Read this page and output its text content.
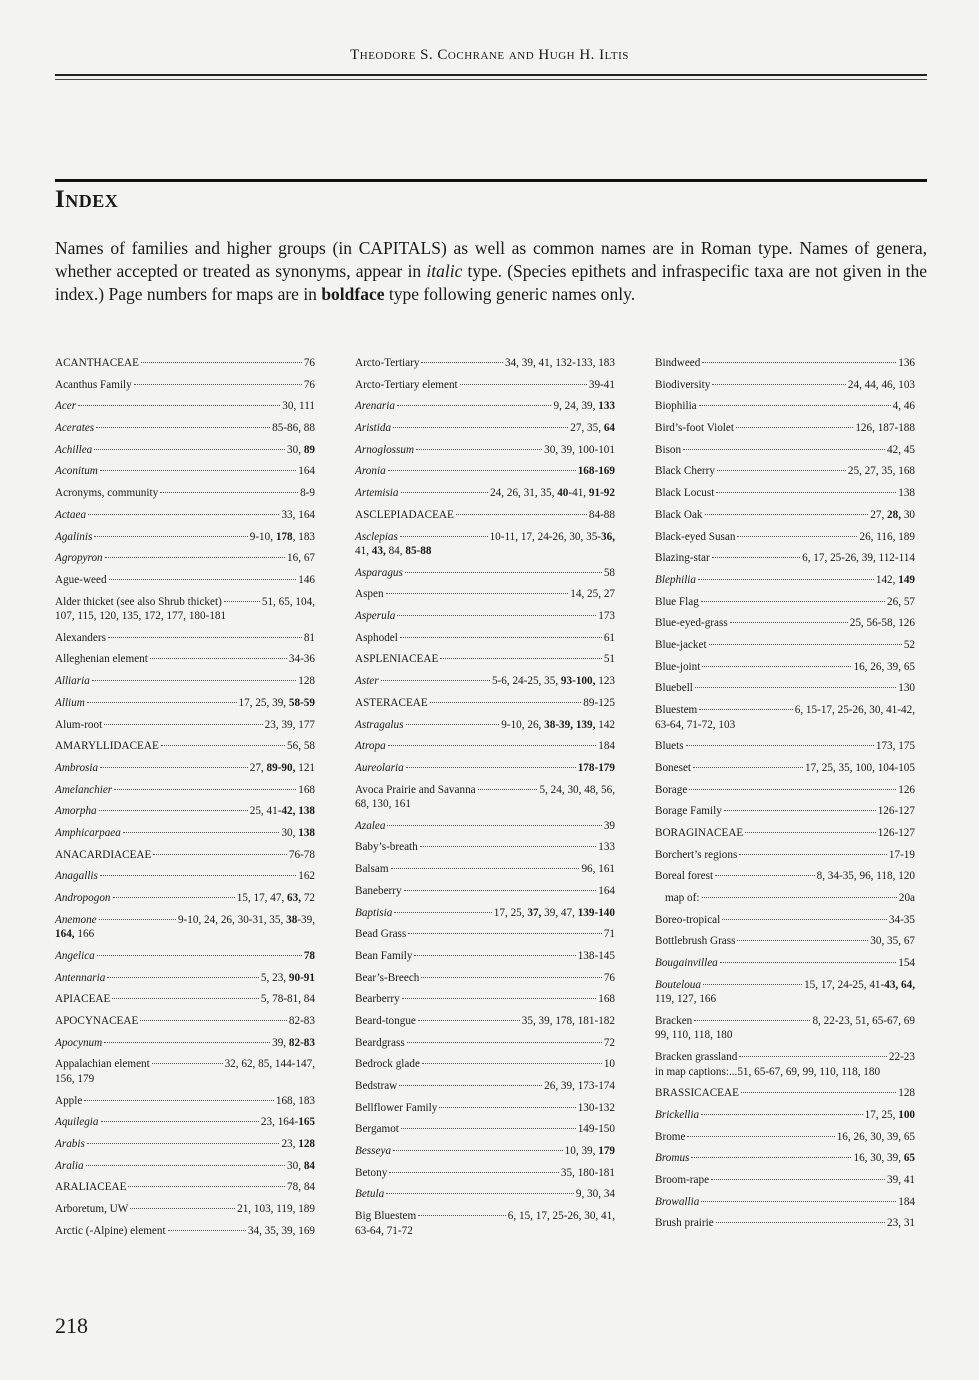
Theodore S. Cochrane and Hugh H. Iltis
Index
Names of families and higher groups (in CAPITALS) as well as common names are in Roman type. Names of genera, whether accepted or treated as synonyms, appear in italic type. (Species epithets and infraspecific taxa are not given in the index.) Page numbers for maps are in boldface type following generic names only.
ACANTHACEAE	76
Acanthus Family	76
Acer	30, 111
Acerates	85-86, 88
Achillea	30, 89
Aconitum	164
Acronyms, community	8-9
Actaea	33, 164
Agalinis	9-10, 178, 183
Agropyron	16, 67
Ague-weed	146
Alder thicket (see also Shrub thicket)	51, 65, 104,
107, 115, 120, 135, 172, 177, 180-181
Alexanders	81
Alleghenian element	34-36
Alliaria	128
Allium	17, 25, 39, 58-59
Alum-root	23, 39, 177
AMARYLLIDACEAE	56, 58
Ambrosia	27, 89-90, 121
Amelanchier	168
Amorpha	25, 41-42, 138
Amphicarpaea	30, 138
ANACARDIACEAE	76-78
Anagallis	162
Andropogon	15, 17, 47, 63, 72
Anemone	9-10, 24, 26, 30-31, 35, 38-39,
164, 166
Angelica	78
Antennaria	5, 23, 90-91
APIACEAE	5, 78-81, 84
APOCYNACEAE	82-83
Apocynum	39, 82-83
Appalachian element	32, 62, 85, 144-147,
156, 179
Apple	168, 183
Aquilegia	23, 164-165
Arabis	23, 128
Aralia	30, 84
ARALIACEAE	78, 84
Arboretum, UW	21, 103, 119, 189
Arctic (-Alpine) element	34, 35, 39, 169
Arcto-Tertiary	34, 39, 41, 132-133, 183
Arcto-Tertiary element	39-41
Arenaria	9, 24, 39, 133
Aristida	27, 35, 64
Arnoglossum	30, 39, 100-101
Aronia	168-169
Artemisia	24, 26, 31, 35, 40-41, 91-92
ASCLEPIADACEAE	84-88
Asclepias	10-11, 17, 24-26, 30, 35-36,
41, 43, 84, 85-88
Asparagus	58
Aspen	14, 25, 27
Asperula	173
Asphodel	61
ASPLENIACEAE	51
Aster	5-6, 24-25, 35, 93-100, 123
ASTERACEAE	89-125
Astragalus	9-10, 26, 38-39, 139, 142
Atropa	184
Aureolaria	178-179
Avoca Prairie and Savanna	5, 24, 30, 48, 56,
68, 130, 161
Azalea	39
Baby’s-breath	133
Balsam	96, 161
Baneberry	164
Baptisia	17, 25, 37, 39, 47, 139-140
Bead Grass	71
Bean Family	138-145
Bear’s-Breech	76
Bearberry	168
Beard-tongue	35, 39, 178, 181-182
Beardgrass	72
Bedrock glade	10
Bedstraw	26, 39, 173-174
Bellflower Family	130-132
Bergamot	149-150
Besseya	10, 39, 179
Betony	35, 180-181
Betula	9, 30, 34
Big Bluestem	6, 15, 17, 25-26, 30, 41,
63-64, 71-72
Bindweed	136
Biodiversity	24, 44, 46, 103
Biophilia	4, 46
Bird’s-foot Violet	126, 187-188
Bison	42, 45
Black Cherry	25, 27, 35, 168
Black Locust	138
Black Oak	27, 28, 30
Black-eyed Susan	26, 116, 189
Blazing-star	6, 17, 25-26, 39, 112-114
Blephilia	142, 149
Blue Flag	26, 57
Blue-eyed-grass	25, 56-58, 126
Blue-jacket	52
Blue-joint	16, 26, 39, 65
Bluebell	130
Bluestem	6, 15-17, 25-26, 30, 41-42,
63-64, 71-72, 103
Bluets	173, 175
Boneset	17, 25, 35, 100, 104-105
Borage	126
Borage Family	126-127
BORAGINACEAE	126-127
Borchert’s regions	17-19
Boreal forest	8, 34-35, 96, 118, 120
map of:	20a
Boreo-tropical	34-35
Bottlebrush Grass	30, 35, 67
Bougainvillea	154
Bouteloua	15, 17, 24-25, 41-43, 64,
119, 127, 166
Bracken	8, 22-23, 51, 65-67, 69
99, 110, 118, 180
Bracken grassland	22-23
in map captions:...51, 65-67, 69, 99, 110, 118, 180
BRASSICACEAE	128
Brickellia	17, 25, 100
Brome	16, 26, 30, 39, 65
Bromus	16, 30, 39, 65
Broom-rape	39, 41
Browallia	184
Brush prairie	23, 31
218
